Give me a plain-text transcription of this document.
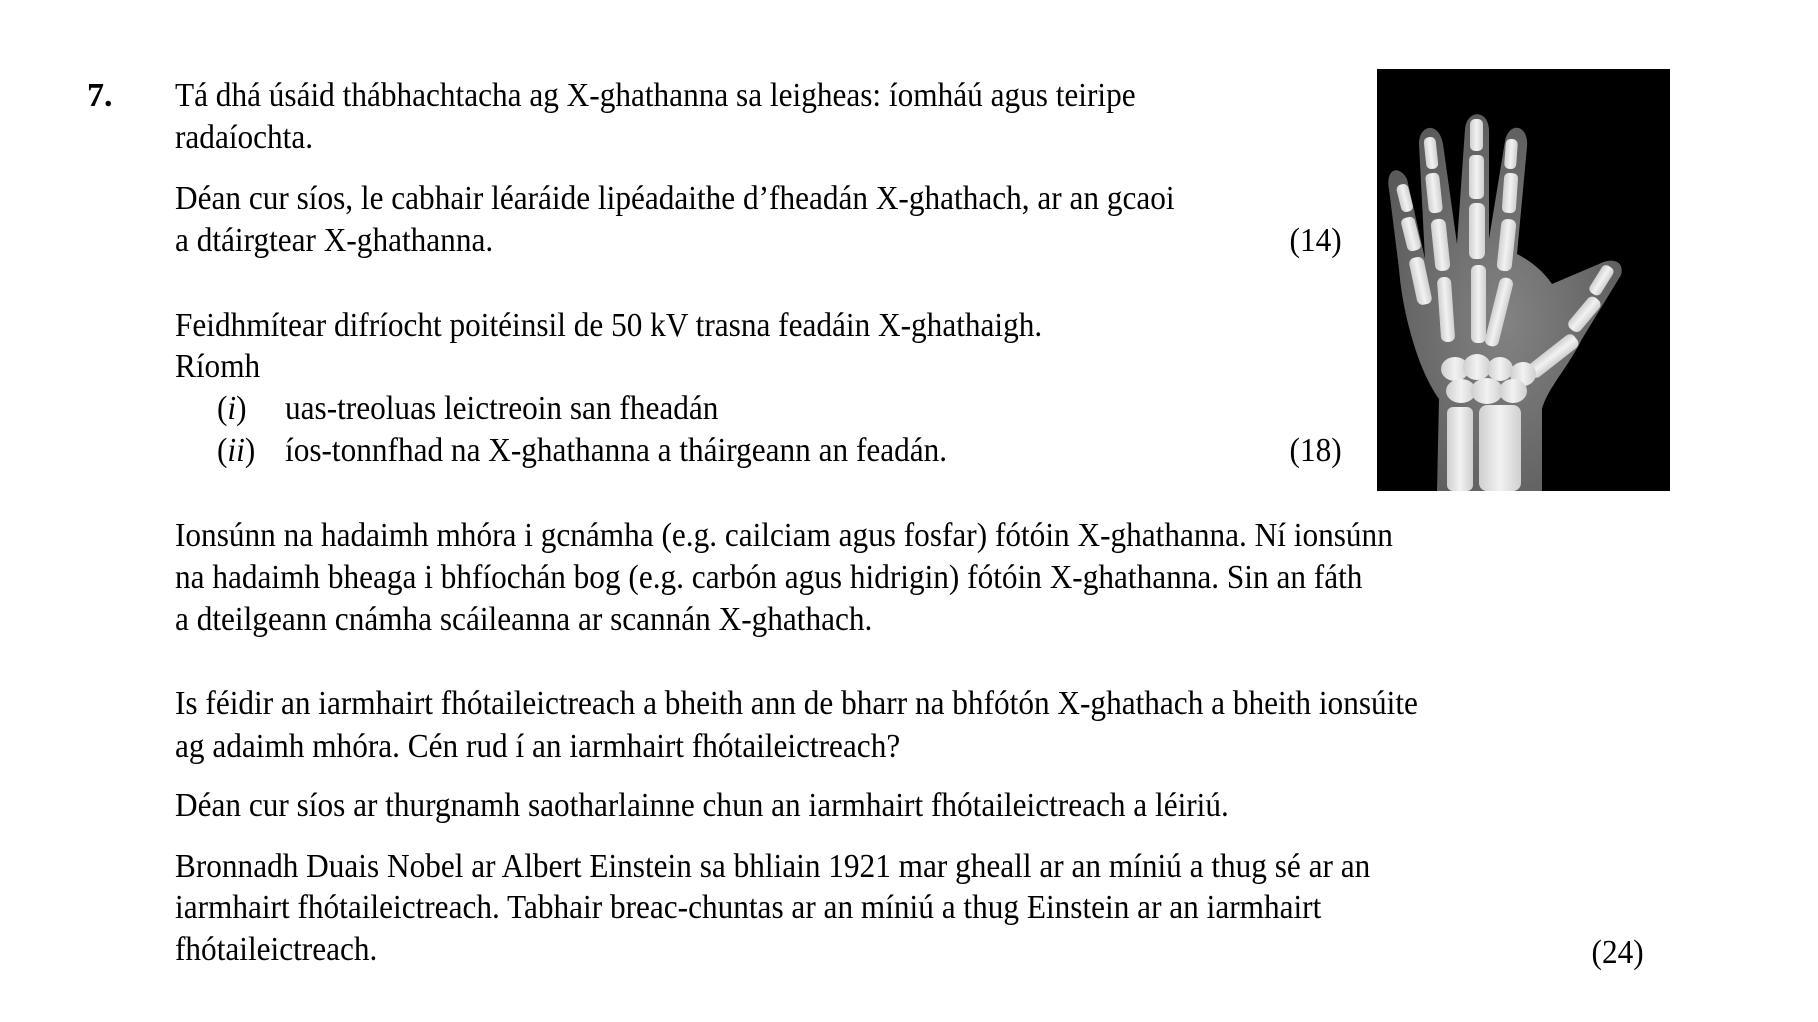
7. Tá dhá úsáid thábhachtacha ag X-ghathanna sa leigheas: íomháú agus teiripe
radaíochta.
Déan cur síos, le cabhair léaráide lipéadaithe d’fheadán X-ghathach, ar an gcaoi
a dtáirgtear X-ghathanna.	(14)
Feidhmítear difríocht poitéinsil de 50 kV trasna feadáin X-ghathaigh.
Ríomh
(i) uas-treoluas leictreoin san fheadán
(ii) íos-tonnfhad na X-ghathanna a tháirgeann an feadán.	(18)
Ionsúnn na hadaimh mhóra i gcnámha (e.g. cailciam agus fosfar) fótóin X-ghathanna. Ní ionsúnn
na hadaimh bheaga i bhfíochán bog (e.g. carbón agus hidrigin) fótóin X-ghathanna. Sin an fáth
a dteilgeann cnámha scáileanna ar scannán X-ghathach.
Is féidir an iarmhairt fhótaileictreach a bheith ann de bharr na bhfótón X-ghathach a bheith ionsúite
ag adaimh mhóra. Cén rud í an iarmhairt fhótaileictreach?
Déan cur síos ar thurgnamh saotharlainne chun an iarmhairt fhótaileictreach a léiriú.
Bronnadh Duais Nobel ar Albert Einstein sa bhliain 1921 mar gheall ar an míniú a thug sé ar an
iarmhairt fhótaileictreach. Tabhair breac-chuntas ar an míniú a thug Einstein ar an iarmhairt
fhótaileictreach.	(24)
